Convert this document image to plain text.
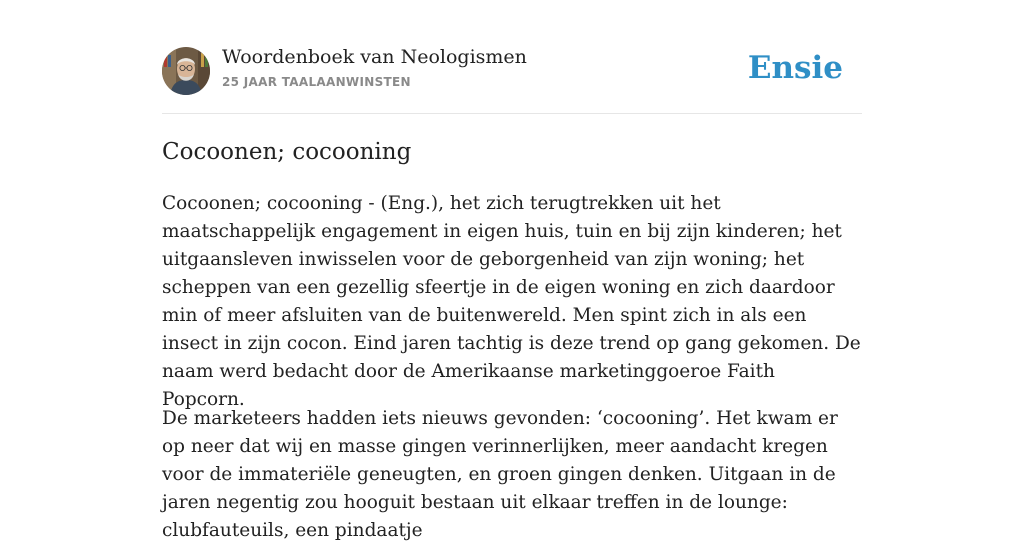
Woordenboek van Neologismen
25 JAAR TAALAANWINSTEN	Ensie
Cocoonen; cocooning

Cocoonen; cocooning - (Eng.), het zich terugtrekken uit het maatschappelijk engagement in eigen huis, tuin en bij zijn kinderen; het uitgaansleven inwisselen voor de geborgenheid van zijn woning; het scheppen van een gezellig sfeertje in de eigen woning en zich daardoor min of meer afsluiten van de buitenwereld. Men spint zich in als een insect in zijn cocon. Eind jaren tachtig is deze trend op gang gekomen. De naam werd bedacht door de Amerikaanse marketinggoeroe Faith Popcorn.

De marketeers hadden iets nieuws gevonden: ‘cocooning’. Het kwam er op neer dat wij en masse gingen verinnerlijken, meer aandacht kregen voor de immateriële geneugten, en groen gingen denken. Uitgaan in de jaren negentig zou hooguit bestaan uit elkaar treffen in de lounge: clubfauteuils, een pindaatje
